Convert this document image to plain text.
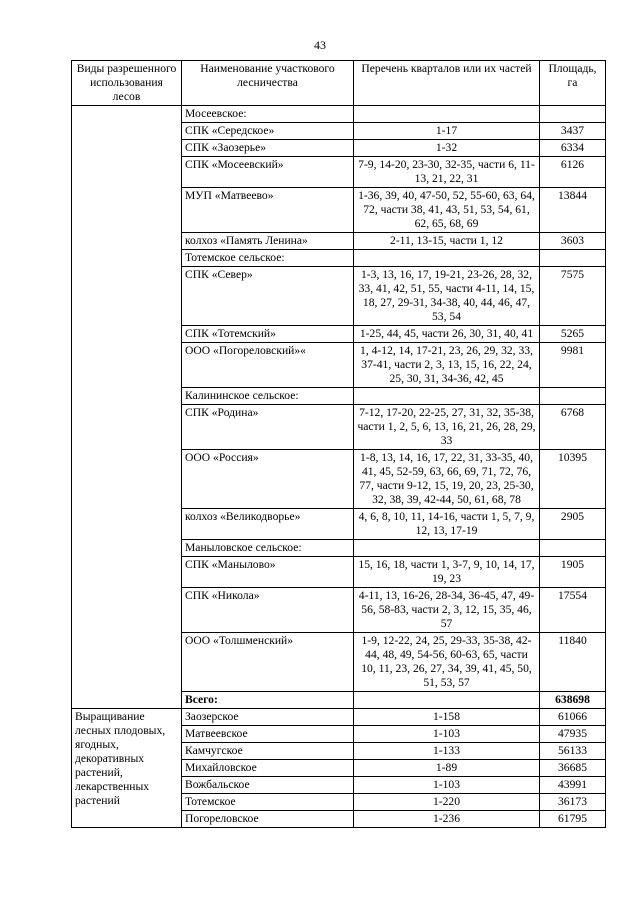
43
Виды разрешенного использования лесов	Наименование участкового лесничества	Перечень кварталов или их частей	Площадь, га
	Мосеевское:		
	СПК «Середское»	1-17	3437
	СПК «Заозерье»	1-32	6334
	СПК «Мосеевский»	7-9, 14-20, 23-30, 32-35, части 6, 11-13, 21, 22, 31	6126
	МУП «Матвеево»	1-36, 39, 40, 47-50, 52, 55-60, 63, 64, 72, части 38, 41, 43, 51, 53, 54, 61, 62, 65, 68, 69	13844
	колхоз «Память Ленина»	2-11, 13-15, части 1, 12	3603
	Тотемское сельское:		
	СПК «Север»	1-3, 13, 16, 17, 19-21, 23-26, 28, 32, 33, 41, 42, 51, 55, части 4-11, 14, 15, 18, 27, 29-31, 34-38, 40, 44, 46, 47, 53, 54	7575
	СПК «Тотемский»	1-25, 44, 45, части 26, 30, 31, 40, 41	5265
	ООО «Погореловский»«	1, 4-12, 14, 17-21, 23, 26, 29, 32, 33, 37-41, части 2, 3, 13, 15, 16, 22, 24, 25, 30, 31, 34-36, 42, 45	9981
	Калининское сельское:		
	СПК «Родина»	7-12, 17-20, 22-25, 27, 31, 32, 35-38, части 1, 2, 5, 6, 13, 16, 21, 26, 28, 29, 33	6768
	ООО «Россия»	1-8, 13, 14, 16, 17, 22, 31, 33-35, 40, 41, 45, 52-59, 63, 66, 69, 71, 72, 76, 77, части 9-12, 15, 19, 20, 23, 25-30, 32, 38, 39, 42-44, 50, 61, 68, 78	10395
	колхоз «Великодворье»	4, 6, 8, 10, 11, 14-16, части 1, 5, 7, 9, 12, 13, 17-19	2905
	Маныловское сельское:		
	СПК «Манылово»	15, 16, 18, части 1, 3-7, 9, 10, 14, 17, 19, 23	1905
	СПК «Никола»	4-11, 13, 16-26, 28-34, 36-45, 47, 49-56, 58-83, части 2, 3, 12, 15, 35, 46, 57	17554
	ООО «Толшменский»	1-9, 12-22, 24, 25, 29-33, 35-38, 42-44, 48, 49, 54-56, 60-63, 65, части 10, 11, 23, 26, 27, 34, 39, 41, 45, 50, 51, 53, 57	11840
	Всего:		638698
Выращивание лесных плодовых, ягодных, декоративных растений, лекарственных растений	Заозерское	1-158	61066
	Матвеевское	1-103	47935
	Камчугское	1-133	56133
	Михайловское	1-89	36685
	Вожбальское	1-103	43991
	Тотемское	1-220	36173
	Погореловское	1-236	61795
